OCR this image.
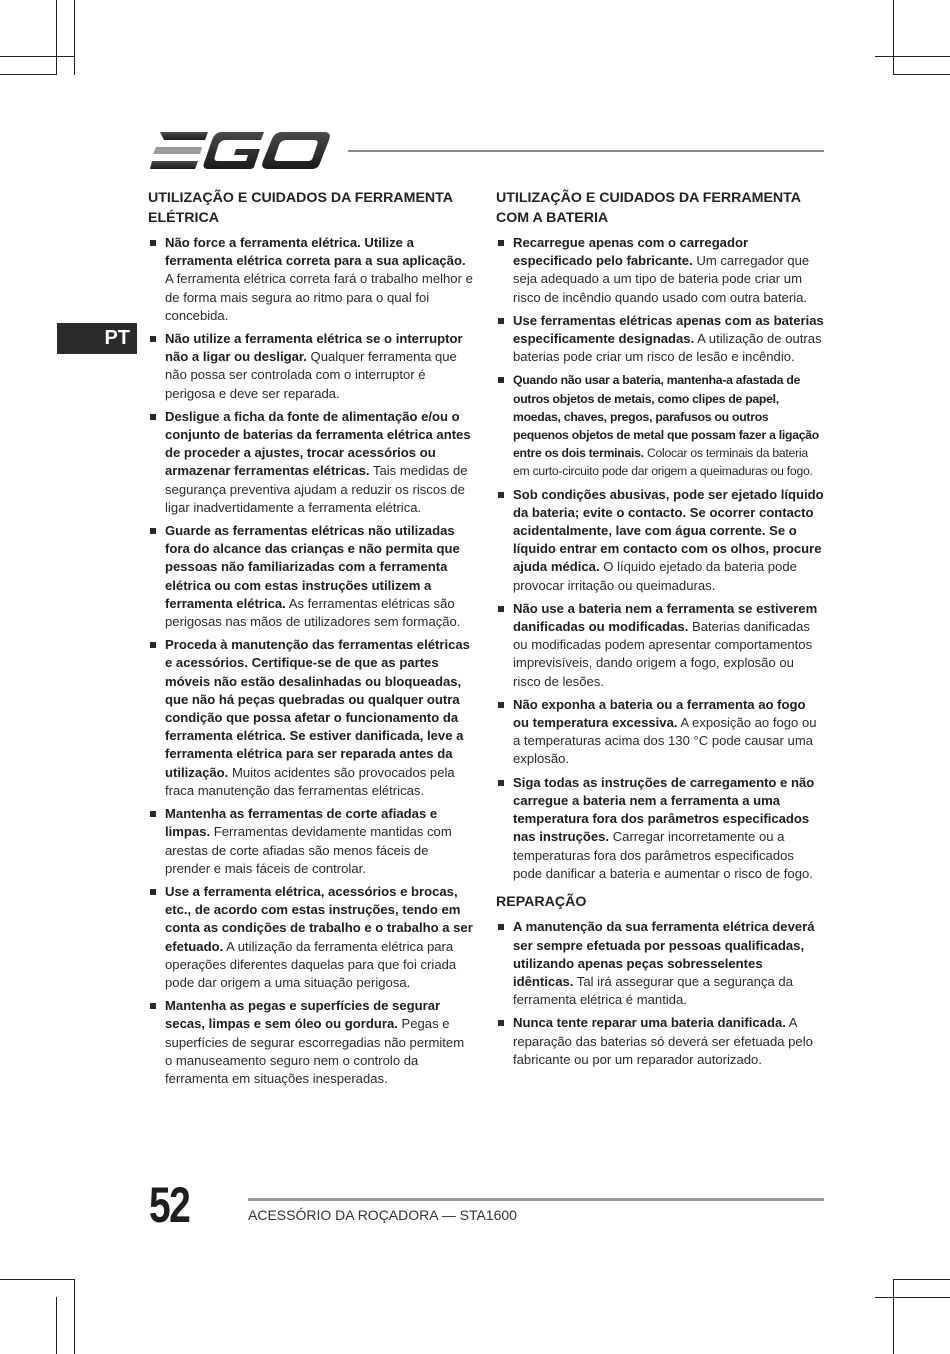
PT
UTILIZAÇÃO E CUIDADOS DA FERRAMENTA ELÉTRICA
Não force a ferramenta elétrica. Utilize a ferramenta elétrica correta para a sua aplicação. A ferramenta elétrica correta fará o trabalho melhor e de forma mais segura ao ritmo para o qual foi concebida.
Não utilize a ferramenta elétrica se o interruptor não a ligar ou desligar. Qualquer ferramenta que não possa ser controlada com o interruptor é perigosa e deve ser reparada.
Desligue a ficha da fonte de alimentação e/ou o conjunto de baterias da ferramenta elétrica antes de proceder a ajustes, trocar acessórios ou armazenar ferramentas elétricas. Tais medidas de segurança preventiva ajudam a reduzir os riscos de ligar inadvertidamente a ferramenta elétrica.
Guarde as ferramentas elétricas não utilizadas fora do alcance das crianças e não permita que pessoas não familiarizadas com a ferramenta elétrica ou com estas instruções utilizem a ferramenta elétrica. As ferramentas elétricas são perigosas nas mãos de utilizadores sem formação.
Proceda à manutenção das ferramentas elétricas e acessórios. Certifique-se de que as partes móveis não estão desalinhadas ou bloqueadas, que não há peças quebradas ou qualquer outra condição que possa afetar o funcionamento da ferramenta elétrica. Se estiver danificada, leve a ferramenta elétrica para ser reparada antes da utilização. Muitos acidentes são provocados pela fraca manutenção das ferramentas elétricas.
Mantenha as ferramentas de corte afiadas e limpas. Ferramentas devidamente mantidas com arestas de corte afiadas são menos fáceis de prender e mais fáceis de controlar.
Use a ferramenta elétrica, acessórios e brocas, etc., de acordo com estas instruções, tendo em conta as condições de trabalho e o trabalho a ser efetuado. A utilização da ferramenta elétrica para operações diferentes daquelas para que foi criada pode dar origem a uma situação perigosa.
Mantenha as pegas e superfícies de segurar secas, limpas e sem óleo ou gordura. Pegas e superfícies de segurar escorregadias não permitem o manuseamento seguro nem o controlo da ferramenta em situações inesperadas.
UTILIZAÇÃO E CUIDADOS DA FERRAMENTA COM A BATERIA
Recarregue apenas com o carregador especificado pelo fabricante. Um carregador que seja adequado a um tipo de bateria pode criar um risco de incêndio quando usado com outra bateria.
Use ferramentas elétricas apenas com as baterias especificamente designadas. A utilização de outras baterias pode criar um risco de lesão e incêndio.
Quando não usar a bateria, mantenha-a afastada de outros objetos de metais, como clipes de papel, moedas, chaves, pregos, parafusos ou outros pequenos objetos de metal que possam fazer a ligação entre os dois terminais. Colocar os terminais da bateria em curto-circuito pode dar origem a queimaduras ou fogo.
Sob condições abusivas, pode ser ejetado líquido da bateria; evite o contacto. Se ocorrer contacto acidentalmente, lave com água corrente. Se o líquido entrar em contacto com os olhos, procure ajuda médica. O líquido ejetado da bateria pode provocar irritação ou queimaduras.
Não use a bateria nem a ferramenta se estiverem danificadas ou modificadas. Baterias danificadas ou modificadas podem apresentar comportamentos imprevisíveis, dando origem a fogo, explosão ou risco de lesões.
Não exponha a bateria ou a ferramenta ao fogo ou temperatura excessiva. A exposição ao fogo ou a temperaturas acima dos 130 °C pode causar uma explosão.
Siga todas as instruções de carregamento e não carregue a bateria nem a ferramenta a uma temperatura fora dos parâmetros especificados nas instruções. Carregar incorretamente ou a temperaturas fora dos parâmetros especificados pode danificar a bateria e aumentar o risco de fogo.
REPARAÇÃO
A manutenção da sua ferramenta elétrica deverá ser sempre efetuada por pessoas qualificadas, utilizando apenas peças sobresselentes idênticas. Tal irá assegurar que a segurança da ferramenta elétrica é mantida.
Nunca tente reparar uma bateria danificada. A reparação das baterias só deverá ser efetuada pelo fabricante ou por um reparador autorizado.
52	ACESSÓRIO DA ROÇADORA — STA1600
